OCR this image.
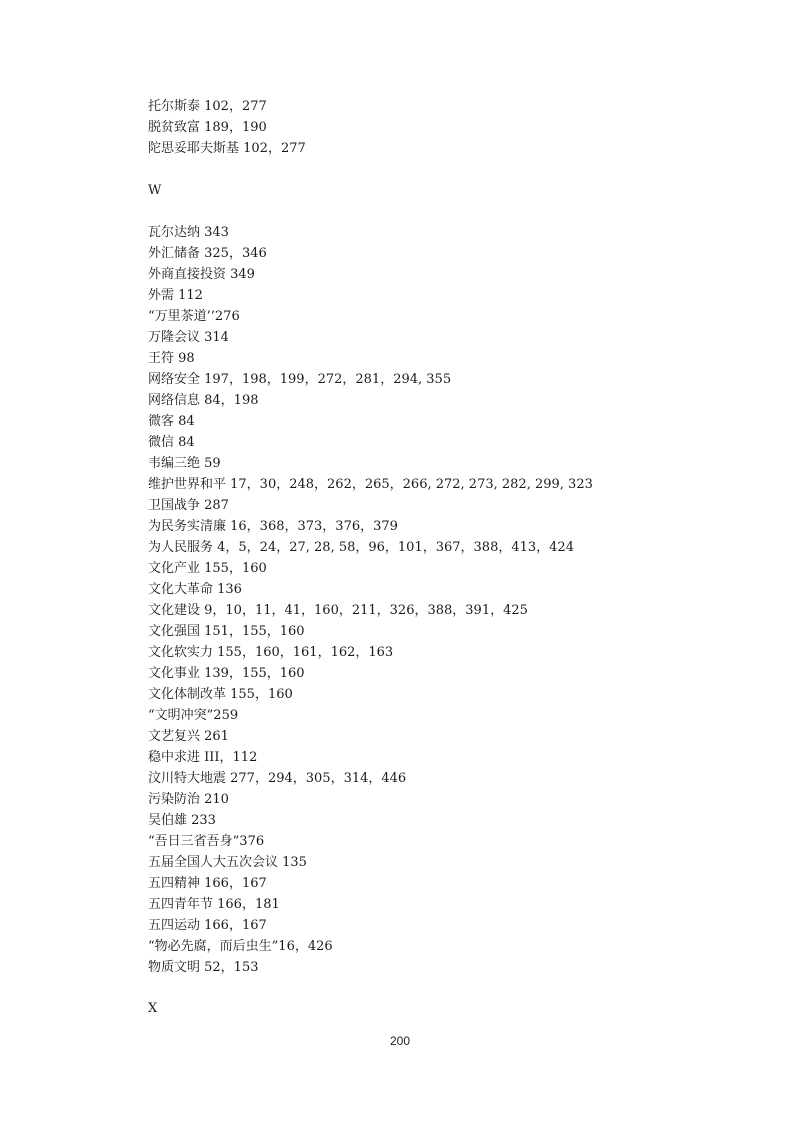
托尔斯泰 102，277
脱贫致富 189，190
陀思妥耶夫斯基 102，277
W
瓦尔达纳 343
外汇储备 325，346
外商直接投资 349
外需 112
“万里茶道’’276
万隆会议 314
王符 98
网络安全 197，198，199，272，281，294, 355
网络信息 84，198
微客 84
微信 84
韦编三绝 59
维护世界和平 17，30，248，262，265，266, 272, 273, 282, 299, 323
卫国战争 287
为民务实清廉 16，368，373，376，379
为人民服务 4，5，24，27, 28, 58，96，101，367，388，413，424
文化产业 155，160
文化大革命 136
文化建设 9，10，11，41，160，211，326，388，391，425
文化强国 151，155，160
文化软实力 155，160，161，162，163
文化事业 139，155，160
文化体制改革 155，160
“文明冲突”259
文艺复兴 261
稳中求进 III，112
汶川特大地震 277，294，305，314，446
污染防治 210
吴伯雄 233
“吾日三省吾身”376
五届全国人大五次会议 135
五四精神 166，167
五四青年节 166，181
五四运动 166，167
“物必先腐，而后虫生”16，426
物质文明 52，153
X
200
